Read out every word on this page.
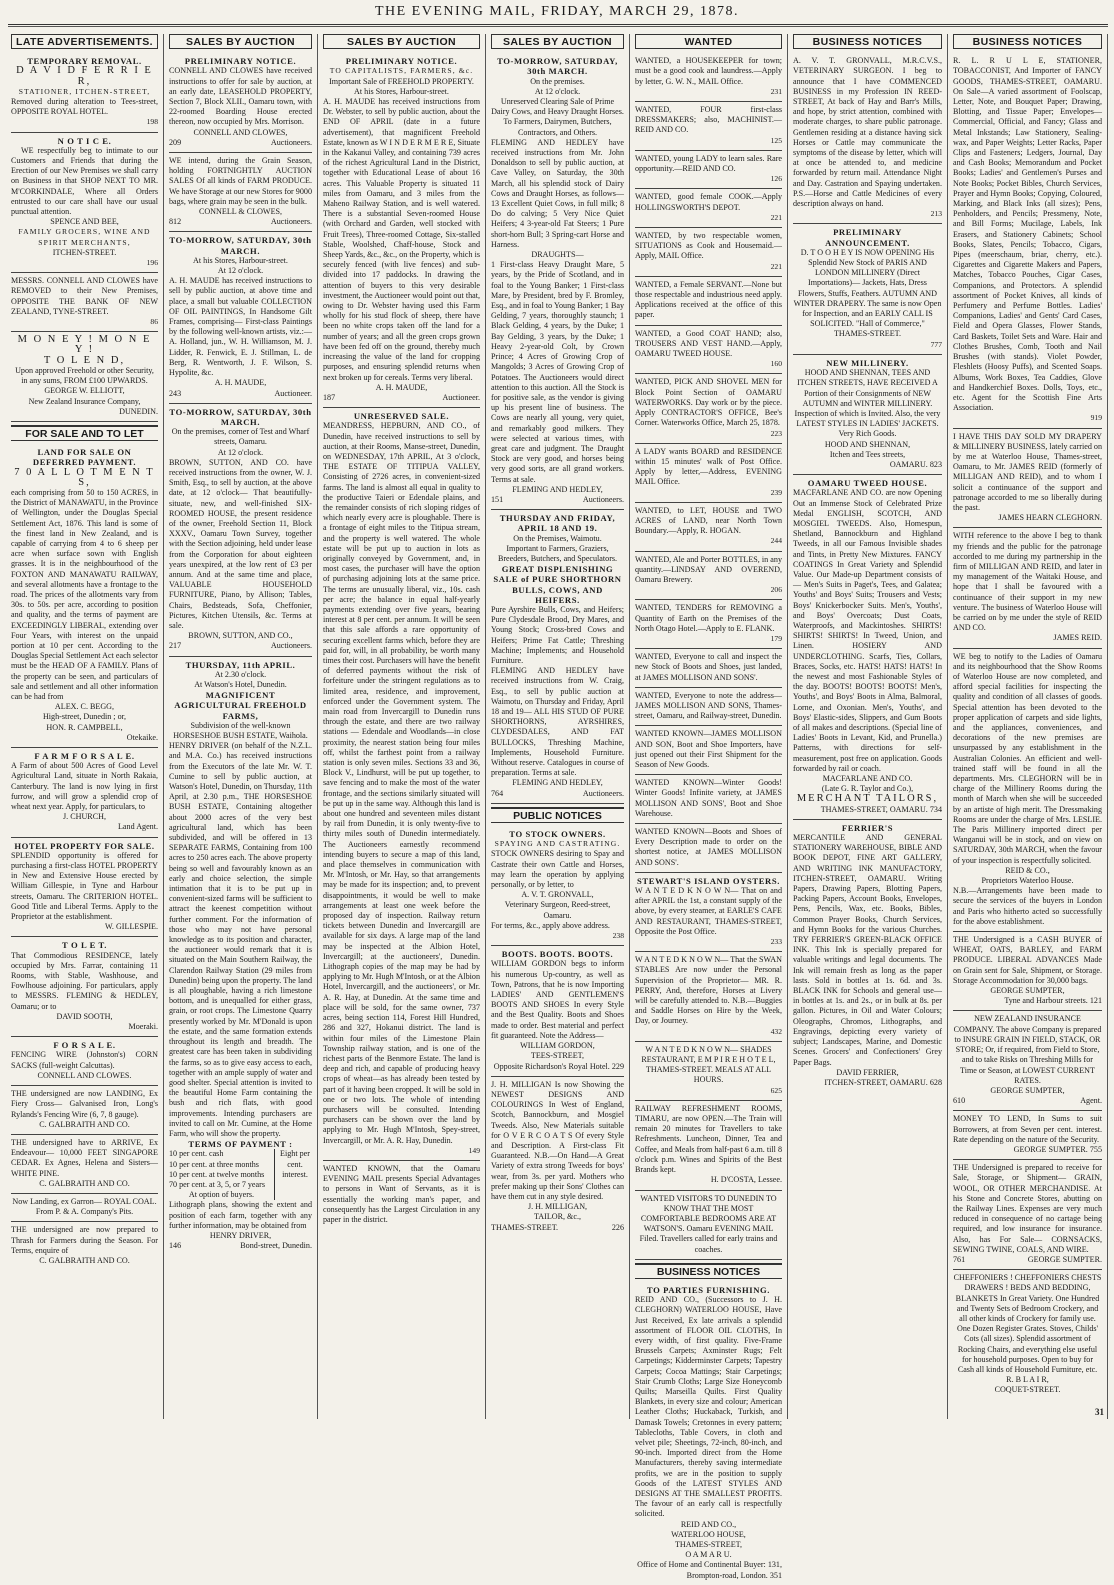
THE EVENING MAIL, FRIDAY, MARCH 29, 1878.
LATE ADVERTISEMENTS.

TEMPORARY REMOVAL.

D A V I D F E R R I E R,

STATIONER, ITCHEN-STREET,

Removed during alteration to Tees-street, OPPOSITE ROYAL HOTEL.

198

N O T I C E.

WE respectfully beg to intimate to our Customers and Friends that during the Erection of our New Premises we shall carry on Business in that SHOP NEXT TO MR. M'CORKINDALE, Where all Orders entrusted to our care shall have our usual punctual attention.

SPENCE AND BEE,

FAMILY GROCERS, WINE AND SPIRIT MERCHANTS,

ITCHEN-STREET.

196

MESSRS. CONNELL AND CLOWES have REMOVED to their New Premises, OPPOSITE THE BANK OF NEW ZEALAND, TYNE-STREET.

86

M O N E Y ! M O N E Y !

T O L E N D,

Upon approved Freehold or other Security, in any sums, FROM £100 UPWARDS.

GEORGE W. ELLIOTT,

New Zealand Insurance Company,

DUNEDIN.

FOR SALE AND TO LET

LAND FOR SALE ON DEFERRED PAYMENT.

7 0 A L L O T M E N T S,

each comprising from 50 to 150 ACRES, in the District of MANAWATU, in the Province of Wellington, under the Douglas Special Settlement Act, 1876. This land is some of the finest land in New Zealand, and is capable of carrying from 4 to 6 sheep per acre when surface sown with English grasses. It is in the neighbourhood of the FOXTON AND MANAWATU RAILWAY, and several allotments have a frontage to the road. The prices of the allotments vary from 30s. to 50s. per acre, according to position and quality, and the terms of payment are EXCEEDINGLY LIBERAL, extending over Four Years, with interest on the unpaid portion at 10 per cent. According to the Douglas Special Settlement Act each selector must be the HEAD OF A FAMILY. Plans of the property can be seen, and particulars of sale and settlement and all other information can be had from

ALEX. C. BEGG,

High-street, Dunedin ; or,

HON. R. CAMPBELL,

Otekaike.

F A R M F O R S A L E.

A Farm of about 500 Acres of Good Level Agricultural Land, situate in North Rakaia, Canterbury. The land is now lying in first furrow, and will grow a splendid crop of wheat next year. Apply, for particulars, to

J. CHURCH,

Land Agent.

HOTEL PROPERTY FOR SALE.

SPLENDID opportunity is offered for purchasing a first-class HOTEL PROPERTY in New and Extensive House erected by William Gillespie, in Tyne and Harbour streets, Oamaru. The CRITERION HOTEL. Good Title and Liberal Terms. Apply to the Proprietor at the establishment.

W. GILLESPIE.

T O L E T.

That Commodious RESIDENCE, lately occupied by Mrs. Farrar, containing 11 Rooms, with Stable, Washhouse, and Fowlhouse adjoining. For particulars, apply to MESSRS. FLEMING & HEDLEY, Oamaru; or to

DAVID SOOTH,

Moeraki.

F O R S A L E.

FENCING WIRE (Johnston's) CORN SACKS (full-weight Calcuttas).

CONNELL AND CLOWES.

THE undersigned are now LANDING, Ex Fiery Cross— Galvanised Iron, Long's Rylands's Fencing Wire (6, 7, 8 gauge).

C. GALBRAITH AND CO.

THE undersigned have to ARRIVE, Ex Endeavour— 10,000 FEET SINGAPORE CEDAR. Ex Agnes, Helena and Sisters— WHITE PINE.

C. GALBRAITH AND CO.

Now Landing, ex Garron— ROYAL COAL. From P. & A. Company's Pits.

THE undersigned are now prepared to Thrash for Farmers during the Season. For Terms, enquire of

C. GALBRAITH AND CO.

SALES BY AUCTION

PRELIMINARY NOTICE.

CONNELL AND CLOWES have received instructions to offer for sale by auction, at an early date, LEASEHOLD PROPERTY, Section 7, Block XLII., Oamaru town, with 22-roomed Boarding House erected thereon, now occupied by Mrs. Morrison.

CONNELL AND CLOWES,

209	Auctioneers.

WE intend, during the Grain Season, holding FORTNIGHTLY AUCTION SALES Of all kinds of FARM PRODUCE. We have Storage at our new Stores for 9000 bags, where grain may be seen in the bulk.

CONNELL & CLOWES,

812	Auctioneers.

TO-MORROW, SATURDAY, 30th MARCH.

At his Stores, Harbour-street.

At 12 o'clock.

A. H. MAUDE has received instructions to sell by public auction, at above time and place, a small but valuable COLLECTION OF OIL PAINTINGS, In Handsome Gilt Frames, comprising— First-class Paintings by the following well-known artists, viz.:—A. Holland, jun., W. H. Williamson, M. J. Lidder, R. Fenwick, E. J. Stillman, L. de Berg, R. Wentworth, J. F. Wilson, S. Hypolite, &c.

A. H. MAUDE,

243	Auctioneer.

TO-MORROW, SATURDAY, 30th MARCH.

On the premises, corner of Test and Wharf streets, Oamaru.

At 12 o'clock.

BROWN, SUTTON, AND CO. have received instructions from the owner, W. J. Smith, Esq., to sell by auction, at the above date, at 12 o'clock— That beautifully-situate, new, and well-finished SIX-ROOMED HOUSE, the present residence of the owner, Freehold Section 11, Block XXXV., Oamaru Town Survey, together with the Section adjoining, held under lease from the Corporation for about eighteen years unexpired, at the low rent of £3 per annum. And at the same time and place, VALUABLE HOUSEHOLD FURNITURE, Piano, by Allison; Tables, Chairs, Bedsteads, Sofa, Cheffonier, Pictures, Kitchen Utensils, &c. Terms at sale.

BROWN, SUTTON, AND CO.,

217	Auctioneers.

THURSDAY, 11th APRIL.

At 2.30 o'clock.

At Watson's Hotel, Dunedin.

MAGNIFICENT AGRICULTURAL FREEHOLD FARMS,

Subdivision of the well-known HORSESHOE BUSH ESTATE, Waihola.

HENRY DRIVER (on behalf of the N.Z.L. and M.A. Co.) has received instructions from the Executors of the late Mr. W. T. Cumine to sell by public auction, at Watson's Hotel, Dunedin, on Thursday, 11th April, at 2.30 p.m., THE HORSESHOE BUSH ESTATE, Containing altogether about 2000 acres of the very best agricultural land, which has been subdivided, and will be offered in 13 SEPARATE FARMS, Containing from 100 acres to 250 acres each. The above property being so well and favourably known as an early and choice selection, the simple intimation that it is to be put up in convenient-sized farms will be sufficient to attract the keenest competition without further comment. For the information of those who may not have personal knowledge as to its position and character, the auctioneer would remark that it is situated on the Main Southern Railway, the Clarendon Railway Station (29 miles from Dunedin) being upon the property. The land is all ploughable, having a rich limestone bottom, and is unequalled for either grass, grain, or root crops. The Limestone Quarry presently worked by Mr. M'Donald is upon the estate, and the same formation extends throughout its length and breadth. The greatest care has been taken in subdividing the farms, so as to give easy access to each, together with an ample supply of water and good shelter. Special attention is invited to the beautiful Home Farm containing the bush and rich flats, with good improvements. Intending purchasers are invited to call on Mr. Cumine, at the Home Farm, who will show the property.

TERMS OF PAYMENT :

10 per cent. cash

10 per cent. at three months

10 per cent. at twelve months

70 per cent. at 3, 5, or 7 years

At option of buyers.

Eight per cent. interest.

Lithograph plans, showing the extent and position of each farm, together with any further information, may be obtained from

HENRY DRIVER,

146	Bond-street, Dunedin.

SALES BY AUCTION

PRELIMINARY NOTICE.

TO CAPITALISTS, FARMERS, &c.

Important Sale of FREEHOLD PROPERTY.

At his Stores, Harbour-street.

A. H. MAUDE has received instructions from Dr. Webster, to sell by public auction, about the END OF APRIL (date in a future advertisement), that magnificent Freehold Estate, known as W I N D E R M E R E, Situate in the Kakanui Valley, and containing 739 acres of the richest Agricultural Land in the District, together with Educational Lease of about 16 acres. This Valuable Property is situated 11 miles from Oamaru, and 3 miles from the Maheno Railway Station, and is well watered. There is a substantial Seven-roomed House (with Orchard and Garden, well stocked with Fruit Trees), Three-roomed Cottage, Six-stalled Stable, Woolshed, Chaff-house, Stock and Sheep Yards, &c., &c., on the Property, which is securely fenced (with live fences) and sub-divided into 17 paddocks. In drawing the attention of buyers to this very desirable investment, the Auctioneer would point out that, owing to Dr. Webster having used this Farm wholly for his stud flock of sheep, there have been no white crops taken off the land for a number of years; and all the green crops grown have been fed off on the ground, thereby much increasing the value of the land for cropping purposes, and ensuring splendid returns when next broken up for cereals. Terms very liberal.

A. H. MAUDE,

187	Auctioneer.

UNRESERVED SALE.

MEANDRESS, HEPBURN, AND CO., of Dunedin, have received instructions to sell by auction, at their Rooms, Manse-street, Dunedin, on WEDNESDAY, 17th APRIL, At 3 o'clock, THE ESTATE OF TITIPUA VALLEY, Consisting of 2726 acres, in convenient-sized farms. The land is almost all equal in quality to the productive Taieri or Edendale plains, and the remainder consists of rich sloping ridges of which nearly every acre is ploughable. There is a frontage of eight miles to the Titipua stream, and the property is well watered. The whole estate will be put up to auction in lots as originally conveyed by Government, and, in most cases, the purchaser will have the option of purchasing adjoining lots at the same price. The terms are unusually liberal, viz., 10s. cash per acre; the balance in equal half-yearly payments extending over five years, bearing interest at 8 per cent. per annum. It will be seen that this sale affords a rare opportunity of securing excellent farms which, before they are paid for, will, in all probability, be worth many times their cost. Purchasers will have the benefit of deferred payments without the risk of forfeiture under the stringent regulations as to limited area, residence, and improvement, enforced under the Government system. The main road from Invercargill to Dunedin runs through the estate, and there are two railway stations — Edendale and Woodlands—in close proximity, the nearest station being four miles off, whilst the farthest point from a railway station is only seven miles. Sections 33 and 36, Block V., Lindhurst, will be put up together, to save fencing and to make the most of the water frontage, and the sections similarly situated will be put up in the same way. Although this land is about one hundred and seventeen miles distant by rail from Dunedin, it is only twenty-five to thirty miles south of Dunedin intermediately. The Auctioneers earnestly recommend intending buyers to secure a map of this land, and place themselves in communication with Mr. M'Intosh, or Mr. Hay, so that arrangements may be made for its inspection; and, to prevent disappointments, it would be well to make arrangements at least one week before the proposed day of inspection. Railway return tickets between Dunedin and Invercargill are available for six days. A large map of the land may be inspected at the Albion Hotel, Invercargill; at the auctioneers', Dunedin. Lithograph copies of the map may be had by applying to Mr. Hugh M'Intosh, or at the Albion Hotel, Invercargill, and the auctioneers', or Mr. A. R. Hay, at Dunedin. At the same time and place will be sold, for the same owner, 737 acres, being section 114, Forest Hill Hundred, 286 and 327, Hokanui district. The land is within four miles of the Limestone Plain Township railway station, and is one of the richest parts of the Benmore Estate. The land is deep and rich, and capable of producing heavy crops of wheat—as has already been tested by part of it having been cropped. It will be sold in one or two lots. The whole of intending purchasers will be consulted. Intending purchasers can be shown over the land by applying to Mr. Hugh M'Intosh, Spey-street, Invercargill, or Mr. A. R. Hay, Dunedin.

149

WANTED KNOWN, that the Oamaru EVENING MAIL presents Special Advantages to persons in Want of Servants, as it is essentially the working man's paper, and consequently has the Largest Circulation in any paper in the district.

SALES BY AUCTION

TO-MORROW, SATURDAY, 30th MARCH.

On the premises.

At 12 o'clock.

Unreserved Clearing Sale of Prime Dairy Cows, and Heavy Draught Horses. To Farmers, Dairymen, Butchers, Contractors, and Others.

FLEMING AND HEDLEY have received instructions from Mr. John Donaldson to sell by public auction, at Cave Valley, on Saturday, the 30th March, all his splendid stock of Dairy Cows and Draught Horses, as follows— 13 Excellent Quiet Cows, in full milk; 8 Do do calving; 5 Very Nice Quiet Heifers; 4 3-year-old Fat Steers; 1 Pure short-horn Bull; 3 Spring-cart Horse and Harness.

DRAUGHTS—

1 First-class Heavy Draught Mare, 5 years, by the Pride of Scotland, and in foal to the Young Banker; 1 First-class Mare, by President, bred by F. Bromley, Esq., and in foal to Young Banker; 1 Bay Gelding, 7 years, thoroughly staunch; 1 Black Gelding, 4 years, by the Duke; 1 Bay Gelding, 3 years, by the Duke; 1 Heavy 2-year-old Colt, by Crown Prince; 4 Acres of Growing Crop of Mangolds; 3 Acres of Growing Crop of Potatoes. The Auctioneers would direct attention to this auction. All the Stock is for positive sale, as the vendor is giving up his present line of business. The Cows are nearly all young, very quiet, and remarkably good milkers. They were selected at various times, with great care and judgment. The Draught Stock are very good, and horses being very good sorts, are all grand workers. Terms at sale.

FLEMING AND HEDLEY,

151	Auctioneers.

THURSDAY AND FRIDAY, APRIL 18 AND 19.

On the Premises, Waimotu.

Important to Farmers, Graziers, Breeders, Butchers, and Speculators.

GREAT DISPLENISHING SALE of PURE SHORTHORN BULLS, COWS, AND HEIFERS.

Pure Ayrshire Bulls, Cows, and Heifers; Pure Clydesdale Brood, Dry Mares, and Young Stock; Cross-bred Cows and Heifers; Prime Fat Cattle; Threshing Machine; Implements; and Household Furniture.

FLEMING AND HEDLEY have received instructions from W. Craig, Esq., to sell by public auction at Waimotu, on Thursday and Friday, April 18 and 19— ALL HIS STUD OF PURE SHORTHORNS, AYRSHIRES, CLYDESDALES, AND FAT BULLOCKS, Threshing Machine, Implements, Household Furniture. Without reserve. Catalogues in course of preparation. Terms at sale.

FLEMING AND HEDLEY,

764	Auctioneers.

PUBLIC NOTICES

TO STOCK OWNERS.

SPAYING AND CASTRATING.

STOCK OWNERS desiring to Spay and Castrate their own Cattle and Horses, may learn the operation by applying personally, or by letter, to

A. V. T. GRONVALL,

Veterinary Surgeon, Reed-street, Oamaru.

For terms, &c., apply above address.

238

BOOTS. BOOTS. BOOTS.

WILLIAM GORDON begs to inform his numerous Up-country, as well as Town, Patrons, that he is now Importing LADIES' AND GENTLEMEN'S BOOTS AND SHOES In every Style and the Best Quality. Boots and Shoes made to order. Best material and perfect fit guaranteed. Note the Address—

WILLIAM GORDON,

TEES-STREET,

Opposite Richardson's Royal Hotel. 229

J. H. MILLIGAN Is now Showing the NEWEST DESIGNS AND COLOURINGS In West of England, Scotch, Bannockburn, and Mosgiel Tweeds. Also, New Materials suitable for O V E R C O A T S Of every Style and Description. A First-class Fit Guaranteed. N.B.—On Hand—A Great Variety of extra strong Tweeds for boys' wear, from 3s. per yard. Mothers who prefer making up their Sons' Clothes can have them cut in any style desired.

J. H. MILLIGAN,

TAILOR, &c.,

THAMES-STREET.	226

WANTED

WANTED, a HOUSEKEEPER for town; must be a good cook and laundress.—Apply by letter, G. W. N., MAIL Office.

231

WANTED, FOUR first-class DRESSMAKERS; also, MACHINIST.—REID AND CO.

125

WANTED, young LADY to learn sales. Rare opportunity.—REID AND CO.

126

WANTED, good female COOK.—Apply HOLLINGSWORTH'S DEPOT.

221

WANTED, by two respectable women, SITUATIONS as Cook and Housemaid.—Apply, MAIL Office.

221

WANTED, a Female SERVANT.—None but those respectable and industrious need apply. Applications received at the office of this paper.

WANTED, a Good COAT HAND; also, TROUSERS AND VEST HAND.—Apply, OAMARU TWEED HOUSE.

160

WANTED, PICK AND SHOVEL MEN for Block Point Section of OAMARU WATERWORKS. Day work or by the piece. Apply CONTRACTOR'S OFFICE, Bee's Corner. Waterworks Office, March 25, 1878.

223

A LADY wants BOARD and RESIDENCE within 15 minutes' walk of Post Office. Apply by letter,—Address, EVENING MAIL Office.

239

WANTED, to LET, HOUSE and TWO ACRES of LAND, near North Town Boundary.—Apply, R. HOGAN.

244

WANTED, Ale and Porter BOTTLES, in any quantity.—LINDSAY AND OVEREND, Oamaru Brewery.

206

WANTED, TENDERS for REMOVING a Quantity of Earth on the Premises of the North Otago Hotel.—Apply to E. FLANK.

179

WANTED, Everyone to call and inspect the new Stock of Boots and Shoes, just landed, at JAMES MOLLISON AND SONS'.

WANTED, Everyone to note the address—JAMES MOLLISON AND SONS, Thames-street, Oamaru, and Railway-street, Dunedin.

WANTED KNOWN—JAMES MOLLISON AND SON, Boot and Shoe Importers, have just opened out their First Shipment for the Season of New Goods.

WANTED KNOWN—Winter Goods! Winter Goods! Infinite variety, at JAMES MOLLISON AND SONS', Boot and Shoe Warehouse.

WANTED KNOWN—Boots and Shoes of Every Description made to order on the shortest notice, at JAMES MOLLISON AND SONS'.

STEWART'S ISLAND OYSTERS.

W A N T E D K N O W N— That on and after APRIL the 1st, a constant supply of the above, by every steamer, at EARLE'S CAFE AND RESTAURANT, THAMES-STREET, Opposite the Post Office.

233

W A N T E D K N O W N— That the SWAN STABLES Are now under the Personal Supervision of the Proprietor— MR. R. PERRY, And, therefore, Horses at Livery will be carefully attended to. N.B.—Buggies and Saddle Horses on Hire by the Week, Day, or Journey.

432

W A N T E D K N O W N— SHADES RESTAURANT, E M P I R E H O T E L, THAMES-STREET. MEALS AT ALL HOURS.

625

RAILWAY REFRESHMENT ROOMS, TIMARU, are now OPEN.—The Train will remain 20 minutes for Travellers to take Refreshments. Luncheon, Dinner, Tea and Coffee, and Meals from half-past 6 a.m. till 8 o'clock p.m. Wines and Spirits of the Best Brands kept.

H. D'COSTA, Lessee.

WANTED VISITORS TO DUNEDIN TO KNOW THAT THE MOST COMFORTABLE BEDROOMS ARE AT WATSON'S. Oamaru EVENING MAIL Filed. Travellers called for early trains and coaches.

BUSINESS NOTICES

TO PARTIES FURNISHING.

REID AND CO., (Successors to J. H. CLEGHORN) WATERLOO HOUSE, Have Just Received, Ex late arrivals a splendid assortment of FLOOR OIL CLOTHS, In every width, of first quality. Five-Frame Brussels Carpets; Axminster Rugs; Felt Carpetings; Kidderminster Carpets; Tapestry Carpets; Cocoa Mattings; Stair Carpetings; Stair Crumb Cloths; Large Size Honeycomb Quilts; Marseilla Quilts. First Quality Blankets, in every size and colour; American Leather Cloths; Huckaback, Turkish, and Damask Towels; Cretonnes in every pattern; Tablecloths, Table Covers, in cloth and velvet pile; Sheetings, 72-inch, 80-inch, and 90-inch. Imported direct from the Home Manufacturers, thereby saving intermediate profits, we are in the position to supply Goods of the LATEST STYLES AND DESIGNS AT THE SMALLEST PROFITS. The favour of an early call is respectfully solicited.

REID AND CO.,

WATERLOO HOUSE,

THAMES-STREET,

O A M A R U.

Office of Home and Continental Buyer: 131, Brompton-road, London. 351

BUSINESS NOTICES

A. V. T. GRONVALL, M.R.C.V.S., VETERINARY SURGEON. I beg to announce that I have COMMENCED BUSINESS in my Profession IN REED-STREET, At back of Hay and Barr's Mills, and hope, by strict attention, combined with moderate charges, to share public patronage. Gentlemen residing at a distance having sick Horses or Cattle may communicate the symptoms of the disease by letter, which will at once be attended to, and medicine forwarded by return mail. Attendance Night and Day. Castration and Spaying undertaken. P.S.—Horse and Cattle Medicines of every description always on hand.

213

PRELIMINARY ANNOUNCEMENT.

D. T O O H E Y IS NOW OPENING His Splendid New Stock of PARIS AND LONDON MILLINERY (Direct Importations)— Jackets, Hats, Dress Flowers, Stuffs, Feathers. AUTUMN AND WINTER DRAPERY. The same is now Open for Inspection, and an EARLY CALL IS SOLICITED. "Hall of Commerce," THAMES-STREET.

777

NEW MILLINERY.

HOOD AND SHENNAN, TEES AND ITCHEN STREETS, HAVE RECEIVED A Portion of their Consignments of NEW AUTUMN and WINTER MILLINERY. Inspection of which is Invited. Also, the very LATEST STYLES IN LADIES' JACKETS. Very Rich Goods.

HOOD AND SHENNAN,

Itchen and Tees streets,

OAMARU. 823

OAMARU TWEED HOUSE.

MACFARLANE AND CO. are now Opening Out an Immense Stock of Celebrated Prize Medal ENGLISH, SCOTCH, AND MOSGIEL TWEEDS. Also, Homespun, Shetland, Bannockburn and Highland Tweeds, in all our Famous Invisible shades and Tints, in Pretty New Mixtures. FANCY COATINGS In Great Variety and Splendid Value. Our Made-up Department consists of— Men's Suits in Paget's, Tees, and Galatea; Youths' and Boys' Suits; Trousers and Vests; Boys' Knickerbocker Suits. Men's, Youths', and Boys' Overcoats; Dust Coats, Waterproofs, and Mackintoshes. SHIRTS! SHIRTS! SHIRTS! In Tweed, Union, and Linen. HOSIERY AND UNDERCLOTHING. Scarfs, Ties, Collars, Braces, Socks, etc. HATS! HATS! HATS! In the newest and most Fashionable Styles of the day. BOOTS! BOOTS! BOOTS! Men's, Youths', and Boys' Boots in Alma, Balmoral, Lorne, and Oxonian. Men's, Youths', and Boys' Elastic-sides, Slippers, and Gum Boots of all makes and descriptions. (Special line of Ladies' Boots in Levant, Kid, and Prunella.) Patterns, with directions for self-measurement, post free on application. Goods forwarded by rail or coach.

MACFARLANE AND CO.

(Late G. R. Taylor and Co.),

MERCHANT TAILORS,

THAMES-STREET, OAMARU. 734

FERRIER'S

MERCANTILE AND GENERAL STATIONERY WAREHOUSE, BIBLE AND BOOK DEPOT, FINE ART GALLERY, AND WRITING INK MANUFACTORY, ITCHEN-STREET, OAMARU. Writing Papers, Drawing Papers, Blotting Papers, Packing Papers, Account Books, Envelopes, Pens, Pencils, Wax, etc. Books, Bibles, Common Prayer Books, Church Services, and Hymn Books for the various Churches. TRY FERRIER'S GREEN-BLACK OFFICE INK. This Ink is specially prepared for valuable writings and legal documents. The Ink will remain fresh as long as the paper lasts. Sold in bottles at 1s. 6d. and 3s. BLACK INK for Schools and general use—in bottles at 1s. and 2s., or in bulk at 8s. per gallon. Pictures, in Oil and Water Colours; Oleographs, Chromos, Lithographs, and Engravings, depicting every variety of subject; Landscapes, Marine, and Domestic Scenes. Grocers' and Confectioners' Grey Paper Bags.

DAVID FERRIER,

ITCHEN-STREET, OAMARU. 628

BUSINESS NOTICES

R. L. R U L E, STATIONER, TOBACCONIST, And Importer of FANCY GOODS, THAMES-STREET, OAMARU. On Sale—A varied assortment of Foolscap, Letter, Note, and Bouquet Paper; Drawing, Blotting, and Tissue Paper; Envelopes—Commercial, Official, and Fancy; Glass and Metal Inkstands; Law Stationery, Sealing-wax, and Paper Weights; Letter Racks, Paper Clips and Fasteners; Ledgers, Journal, Day and Cash Books; Memorandum and Pocket Books; Ladies' and Gentlemen's Purses and Note Books; Pocket Bibles, Church Services, Prayer and Hymn Books; Copying, Coloured, Marking, and Black Inks (all sizes); Pens, Penholders, and Pencils; Pressmeny, Note, and Bill Forms; Mucilage, Labels, Ink Erasers, and Stationery Cabinets; School Books, Slates, Pencils; Tobacco, Cigars, Pipes (meerschaum, briar, cherry, etc.). Cigarettes and Cigarette Makers and Papers, Matches, Tobacco Pouches, Cigar Cases, Companions, and Protectors. A splendid assortment of Pocket Knives, all kinds of Perfumery and Perfume Bottles. Ladies' Companions, Ladies' and Gents' Card Cases, Field and Opera Glasses, Flower Stands, Card Baskets, Toilet Sets and Ware. Hair and Clothes Brushes, Comb, Tooth and Nail Brushes (with stands). Violet Powder, Fleshlets (Hoosy Puffs), and Scented Soaps. Albums, Work Boxes, Tea Caddies, Glove and Handkerchief Boxes. Dolls, Toys, etc., etc. Agent for the Scottish Fine Arts Association.

919

I HAVE THIS DAY SOLD MY DRAPERY & MILLINERY BUSINESS, lately carried on by me at Waterloo House, Thames-street, Oamaru, to Mr. JAMES REID (formerly of MILLIGAN AND REID), and to whom I solicit a continuance of the support and patronage accorded to me so liberally during the past.

JAMES HEARN CLEGHORN.

WITH reference to the above I beg to thank my friends and the public for the patronage accorded to me during my partnership in the firm of MILLIGAN AND REID, and later in my management of the Waitaki House, and hope that I shall be favoured with a continuance of their support in my new venture. The business of Waterloo House will be carried on by me under the style of REID AND CO.

JAMES REID.

WE beg to notify to the Ladies of Oamaru and its neighbourhood that the Show Rooms of Waterloo House are now completed, and afford special facilities for inspecting the quality and condition of all classes of goods. Special attention has been devoted to the proper application of carpets and side lights, and the appliances, conveniences, and decorations of the new premises are unsurpassed by any establishment in the Australian Colonies. An efficient and well-trained staff will be found in all the departments. Mrs. CLEGHORN will be in charge of the Millinery Rooms during the month of March when she will be succeeded by an artiste of high merit. The Dressmaking Rooms are under the charge of Mrs. LESLIE. The Paris Millinery imported direct per Wanganui will be in stock, and on view on SATURDAY, 30th MARCH, when the favour of your inspection is respectfully solicited.

REID & CO.,

Proprietors Waterloo House.

N.B.—Arrangements have been made to secure the services of the buyers in London and Paris who hitherto acted so successfully for the above establishment.

THE Undersigned is a CASH BUYER of WHEAT, OATS, BARLEY, and FARM PRODUCE. LIBERAL ADVANCES Made on Grain sent for Sale, Shipment, or Storage. Storage Accommodation for 30,000 bags.

GEORGE SUMPTER,

Tyne and Harbour streets. 121

NEW ZEALAND INSURANCE COMPANY. The above Company is prepared to INSURE GRAIN IN FIELD, STACK, OR STORE; Or, if required, from Field to Store, and to take Risks on Threshing Mills for Time or Season, at LOWEST CURRENT RATES.

GEORGE SUMPTER,

610	Agent.

MONEY TO LEND, In Sums to suit Borrowers, at from Seven per cent. interest. Rate depending on the nature of the Security.

GEORGE SUMPTER. 755

THE Undersigned is prepared to receive for Sale, Storage, or Shipment— GRAIN, WOOL, OR OTHER MERCHANDISE. At his Stone and Concrete Stores, abutting on the Railway Lines. Expenses are very much reduced in consequence of no cartage being required, and low insurance for insurance. Also, has For Sale— CORNSACKS, SEWING TWINE, COALS, AND WIRE.

761	GEORGE SUMPTER.

CHEFFONIERS ! CHEFFONIERS CHESTS DRAWERS ! BEDS AND BEDDING, BLANKETS In Great Variety. One Hundred and Twenty Sets of Bedroom Crockery, and all other kinds of Crockery for family use. One Dozen Register Grates. Stoves, Childs' Cots (all sizes). Splendid assortment of Rocking Chairs, and everything else useful for household purposes. Open to buy for Cash all kinds of Household Furniture, etc.

R. B L A I R,

COQUET-STREET.

31
